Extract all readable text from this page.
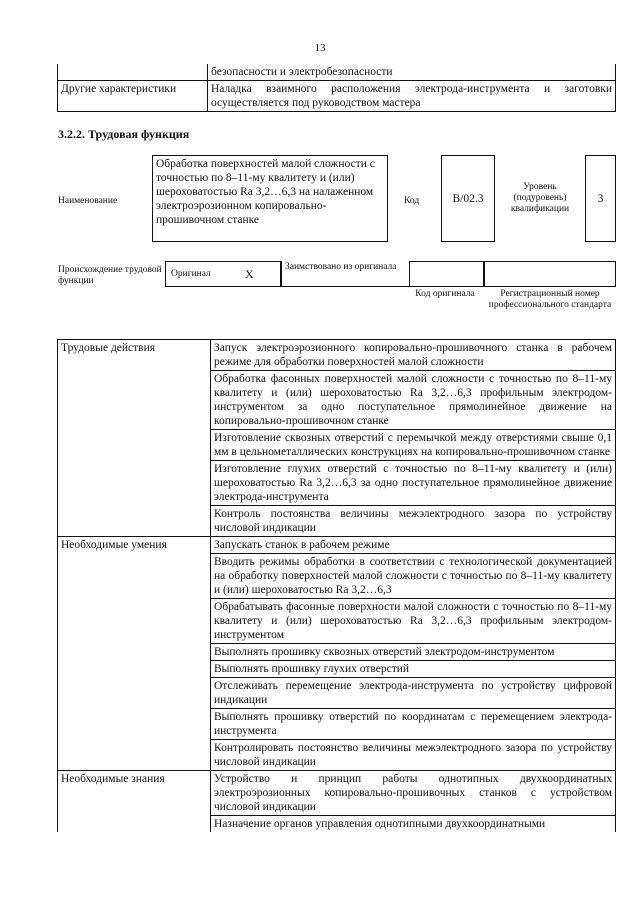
13
	безопасности и электробезопасности
Другие характеристики	Наладка взаимного расположения электрода-инструмента и заготовки осуществляется под руководством мастера
3.2.2. Трудовая функция
Наименование
Обработка поверхностей малой сложности с точностью по 8–11-му квалитету и (или) шероховатостью Ra 3,2…6,3 на налаженном электроэрозионном копировально-прошивочном станке
Код	B/02.3
Уровень (подуровень) квалификации
3
Происхождение трудовой функции
Оригинал	X	Заимствовано из оригинала
Код оригинала	Регистрационный номер профессионального стандарта
Трудовые действия	Запуск электроэрозионного копировально-прошивочного станка в рабочем режиме для обработки поверхностей малой сложности
	Обработка фасонных поверхностей малой сложности с точностью по 8–11-му квалитету и (или) шероховатостью Ra 3,2…6,3 профильным электродом-инструментом за одно поступательное прямолинейное движение на копировально-прошивочном станке
	Изготовление сквозных отверстий с перемычкой между отверстиями свыше 0,1 мм в цельнометаллических конструкциях на копировально-прошивочном станке
	Изготовление глухих отверстий с точностью по 8–11-му квалитету и (или) шероховатостью Ra 3,2…6,3 за одно поступательное прямолинейное движение электрода-инструмента
	Контроль постоянства величины межэлектродного зазора по устройству числовой индикации
Необходимые умения	Запускать станок в рабочем режиме
	Вводить режимы обработки в соответствии с технологической документацией на обработку поверхностей малой сложности с точностью по 8–11-му квалитету и (или) шероховатостью Ra 3,2…6,3
	Обрабатывать фасонные поверхности малой сложности с точностью по 8–11-му квалитету и (или) шероховатостью Ra 3,2…6,3 профильным электродом-инструментом
	Выполнять прошивку сквозных отверстий электродом-инструментом
	Выполнять прошивку глухих отверстий
	Отслеживать перемещение электрода-инструмента по устройству цифровой индикации
	Выполнять прошивку отверстий по координатам с перемещением электрода-инструмента
	Контролировать постоянство величины межэлектродного зазора по устройству числовой индикации
Необходимые знания	Устройство и принцип работы однотипных двухкоординатных электроэрозионных копировально-прошивочных станков с устройством числовой индикации
	Назначение органов управления однотипными двухкоординатными
